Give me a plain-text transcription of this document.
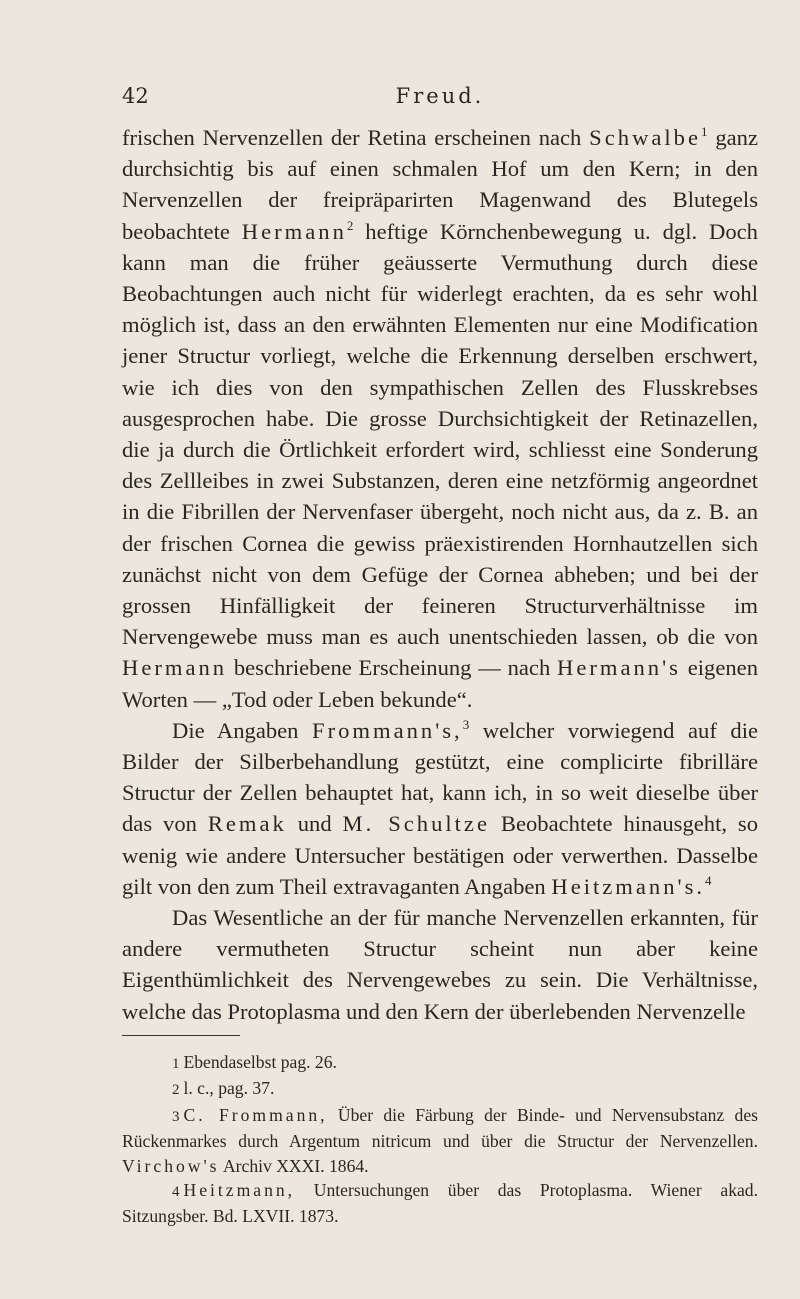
42	Freud.

frischen Nervenzellen der Retina erscheinen nach Schwalbe$^1$ ganz durchsichtig bis auf einen schmalen Hof um den Kern; in den Nervenzellen der freipräparirten Magenwand des Blutegels beobachtete Hermann$^2$ heftige Körnchenbewegung u. dgl. Doch kann man die früher geäusserte Vermuthung durch diese Beobachtungen auch nicht für widerlegt erachten, da es sehr wohl möglich ist, dass an den erwähnten Elementen nur eine Modification jener Structur vorliegt, welche die Erkennung derselben erschwert, wie ich dies von den sympathischen Zellen des Flusskrebses ausgesprochen habe. Die grosse Durchsichtigkeit der Retinazellen, die ja durch die Örtlichkeit erfordert wird, schliesst eine Sonderung des Zellleibes in zwei Substanzen, deren eine netzförmig angeordnet in die Fibrillen der Nervenfaser übergeht, noch nicht aus, da z. B. an der frischen Cornea die gewiss präexistirenden Hornhautzellen sich zunächst nicht von dem Gefüge der Cornea abheben; und bei der grossen Hinfälligkeit der feineren Structurverhältnisse im Nervengewebe muss man es auch unentschieden lassen, ob die von Hermann beschriebene Erscheinung — nach Hermann's eigenen Worten — „Tod oder Leben bekunde“.

Die Angaben Frommann's,$^3$ welcher vorwiegend auf die Bilder der Silberbehandlung gestützt, eine complicirte fibrilläre Structur der Zellen behauptet hat, kann ich, in so weit dieselbe über das von Remak und M. Schultze Beobachtete hinausgeht, so wenig wie andere Untersucher bestätigen oder verwerthen. Dasselbe gilt von den zum Theil extravaganten Angaben Heitzmann's.$^4$

Das Wesentliche an der für manche Nervenzellen erkannten, für andere vermutheten Structur scheint nun aber keine Eigenthümlichkeit des Nervengewebes zu sein. Die Verhältnisse, welche das Protoplasma und den Kern der überlebenden Nervenzelle

1 Ebendaselbst pag. 26.

2 l. c., pag. 37.

3 C. Frommann, Über die Färbung der Binde- und Nervensubstanz des Rückenmarkes durch Argentum nitricum und über die Structur der Nervenzellen. Virchow's Archiv XXXI. 1864.

4 Heitzmann, Untersuchungen über das Protoplasma. Wiener akad. Sitzungsber. Bd. LXVII. 1873.
